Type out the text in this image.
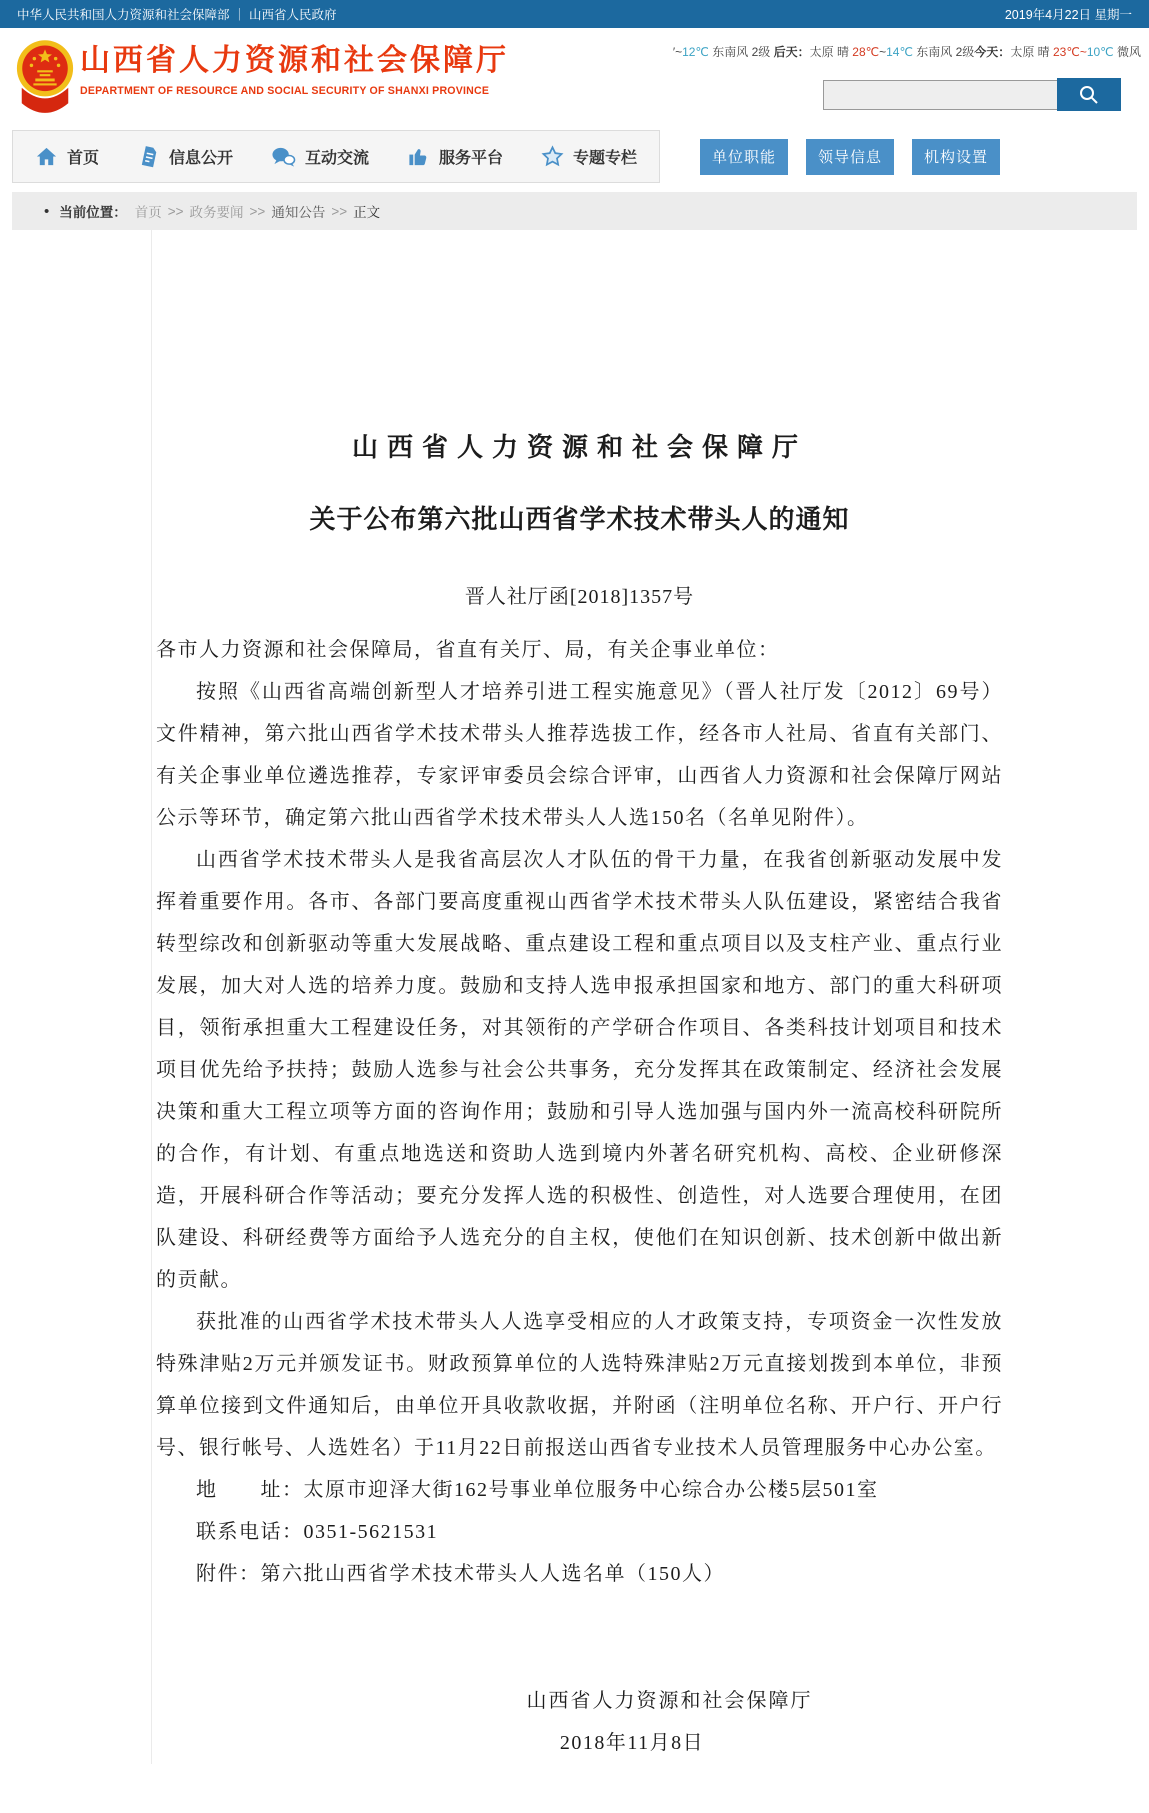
中华人民共和国人力资源和社会保障部 ｜ 山西省人民政府	2019年4月22日 星期一
山西省人力资源和社会保障厅

DEPARTMENT OF RESOURCE AND SOCIAL SECURITY OF SHANXI PROVINCE

′~12℃ 东南风 2级 后天：太原 晴 28℃~14℃ 东南风 2级今天：太原 晴 23℃~10℃ 微风
首页	信息公开	互动交流	服务平台	专题专栏	单位职能	领导信息	机构设置
• 当前位置： 首页 >> 政务要闻 >> 通知公告 >> 正文
山西省人力资源和社会保障厅
关于公布第六批山西省学术技术带头人的通知
晋人社厅函[2018]1357号

各市人力资源和社会保障局，省直有关厅、局，有关企事业单位：

按照《山西省高端创新型人才培养引进工程实施意见》（晋人社厅发〔2012〕69号）文件精神，第六批山西省学术技术带头人推荐选拔工作，经各市人社局、省直有关部门、有关企事业单位遴选推荐，专家评审委员会综合评审，山西省人力资源和社会保障厅网站公示等环节，确定第六批山西省学术技术带头人人选150名（名单见附件）。

山西省学术技术带头人是我省高层次人才队伍的骨干力量，在我省创新驱动发展中发挥着重要作用。各市、各部门要高度重视山西省学术技术带头人队伍建设，紧密结合我省转型综改和创新驱动等重大发展战略、重点建设工程和重点项目以及支柱产业、重点行业发展，加大对人选的培养力度。鼓励和支持人选申报承担国家和地方、部门的重大科研项目，领衔承担重大工程建设任务，对其领衔的产学研合作项目、各类科技计划项目和技术项目优先给予扶持；鼓励人选参与社会公共事务，充分发挥其在政策制定、经济社会发展决策和重大工程立项等方面的咨询作用；鼓励和引导人选加强与国内外一流高校科研院所的合作，有计划、有重点地选送和资助人选到境内外著名研究机构、高校、企业研修深造，开展科研合作等活动；要充分发挥人选的积极性、创造性，对人选要合理使用，在团队建设、科研经费等方面给予人选充分的自主权，使他们在知识创新、技术创新中做出新的贡献。

获批准的山西省学术技术带头人人选享受相应的人才政策支持，专项资金一次性发放特殊津贴2万元并颁发证书。财政预算单位的人选特殊津贴2万元直接划拨到本单位，非预算单位接到文件通知后，由单位开具收款收据，并附函（注明单位名称、开户行、开户行号、银行帐号、人选姓名）于11月22日前报送山西省专业技术人员管理服务中心办公室。

地　　址：太原市迎泽大街162号事业单位服务中心综合办公楼5层501室
联系电话：0351-5621531
附件：第六批山西省学术技术带头人人选名单（150人）
山西省人力资源和社会保障厅
2018年11月8日
